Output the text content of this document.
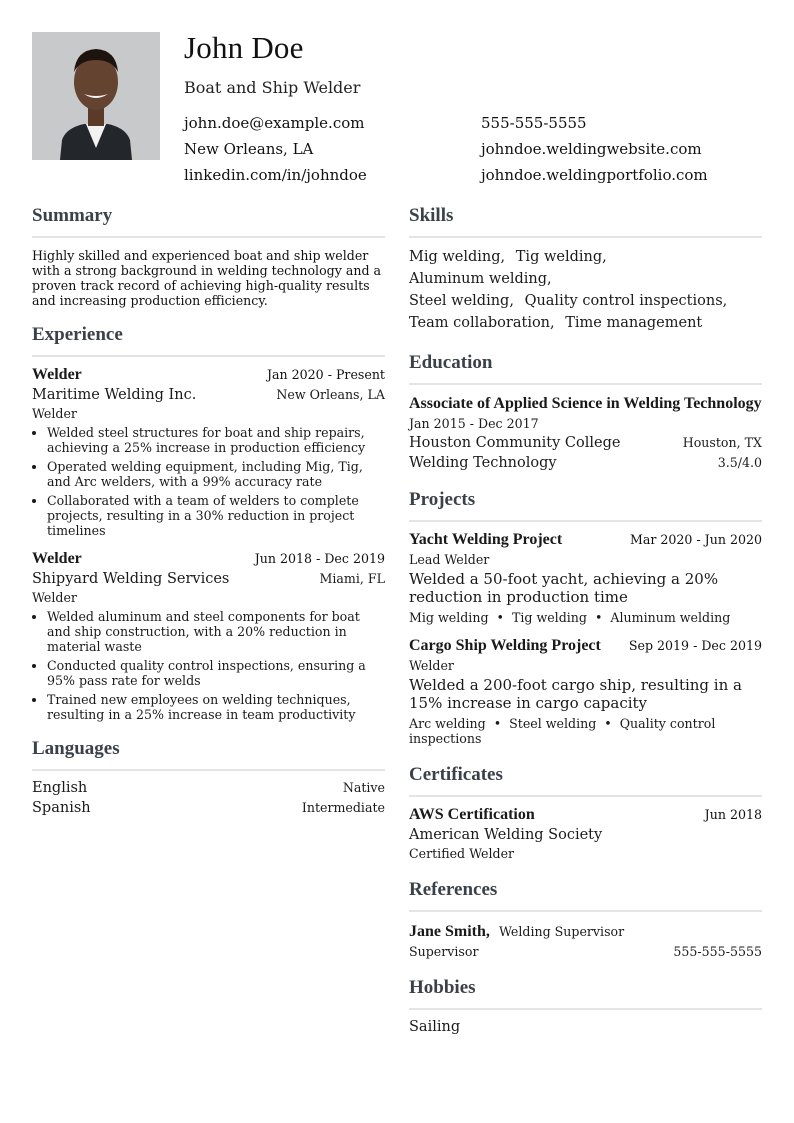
John Doe
Boat and Ship Welder
john.doe@example.com	555-555-5555
New Orleans, LA	johndoe.weldingwebsite.com
linkedin.com/in/johndoe	johndoe.weldingportfolio.com
Summary
Highly skilled and experienced boat and ship welder with a strong background in welding technology and a proven track record of achieving high-quality results and increasing production efficiency.
Experience
Welder	Jan 2020 - Present
Maritime Welding Inc.	New Orleans, LA
Welder
• Welded steel structures for boat and ship repairs, achieving a 25% increase in production efficiency
• Operated welding equipment, including Mig, Tig, and Arc welders, with a 99% accuracy rate
• Collaborated with a team of welders to complete projects, resulting in a 30% reduction in project timelines
Welder	Jun 2018 - Dec 2019
Shipyard Welding Services	Miami, FL
Welder
• Welded aluminum and steel components for boat and ship construction, with a 20% reduction in material waste
• Conducted quality control inspections, ensuring a 95% pass rate for welds
• Trained new employees on welding techniques, resulting in a 25% increase in team productivity
Languages
English	Native
Spanish	Intermediate
Skills
Mig welding, Tig welding, Aluminum welding,
Steel welding, Quality control inspections,
Team collaboration, Time management
Education
Associate of Applied Science in Welding Technology
Jan 2015 - Dec 2017
Houston Community College	Houston, TX
Welding Technology	3.5/4.0
Projects
Yacht Welding Project	Mar 2020 - Jun 2020
Lead Welder
Welded a 50-foot yacht, achieving a 20% reduction in production time
Mig welding • Tig welding • Aluminum welding
Cargo Ship Welding Project Sep 2019 - Dec 2019
Welder
Welded a 200-foot cargo ship, resulting in a 15% increase in cargo capacity
Arc welding • Steel welding • Quality control inspections
Certificates
AWS Certification	Jun 2018
American Welding Society
Certified Welder
References
Jane Smith, Welding Supervisor
Supervisor	555-555-5555
Hobbies
Sailing
